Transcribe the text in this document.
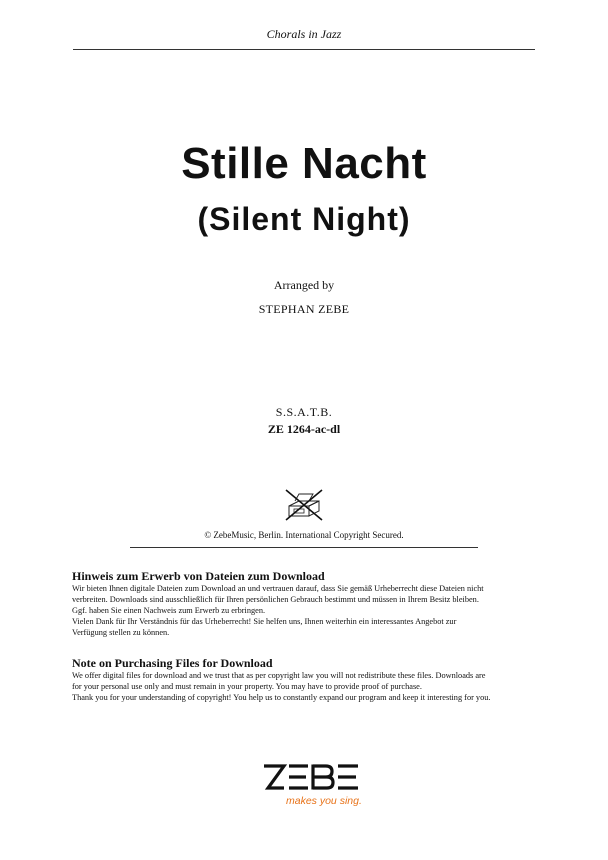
Chorals in Jazz
Stille Nacht
(Silent Night)
Arranged by
STEPHAN ZEBE
S.S.A.T.B.
ZE 1264-ac-dl
© ZebeMusic, Berlin. International Copyright Secured.
Hinweis zum Erwerb von Dateien zum Download

Wir bieten Ihnen digitale Dateien zum Download an und vertrauen darauf, dass Sie gemäß Urheberrecht diese Dateien nicht

verbreiten. Downloads sind ausschließlich für Ihren persönlichen Gebrauch bestimmt und müssen in Ihrem Besitz bleiben.

Ggf. haben Sie einen Nachweis zum Erwerb zu erbringen.

Vielen Dank für Ihr Verständnis für das Urheberrecht! Sie helfen uns, Ihnen weiterhin ein interessantes Angebot zur

Verfügung stellen zu können.

Note on Purchasing Files for Download

We offer digital files for download and we trust that as per copyright law you will not redistribute these files. Downloads are

for your personal use only and must remain in your property. You may have to provide proof of purchase.

Thank you for your understanding of copyright! You help us to constantly expand our program and keep it interesting for you.

makes you sing.
